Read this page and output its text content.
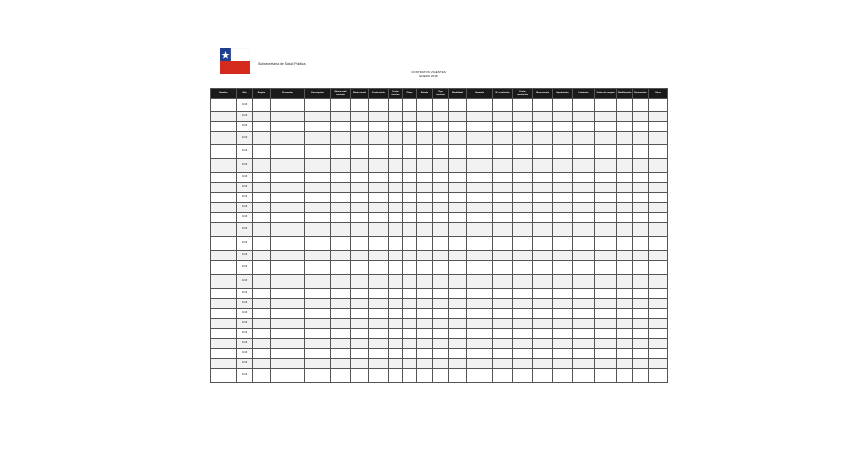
Subsecretaría de Salud Pública
CONTRATOS VIGENTES
ENERO 2018
Nombre	Año	Región	Proveedor	Descripción	Monto total contrato	Monto anual	Fecha inicio	Fecha término	Plazo	Estado	Tipo contrato	Modalidad	Garantía	N° resolución	Fecha resolución	Observación	Aprobación	Licitación	Orden de compra	Modificación	Renovación	Otros
	2018																					
	2018																					
	2018																					
	2018																					
	2018																					
	2018																					
	2018																					
	2018																					
	2018																					
	2018																					
	2018																					
	2018																					
	2018																					
	2018																					
	2018																					
	2018																					
	2018																					
	2018																					
	2018																					
	2018																					
	2018																					
	2018																					
	2018																					
	2018																					
	2018																					
